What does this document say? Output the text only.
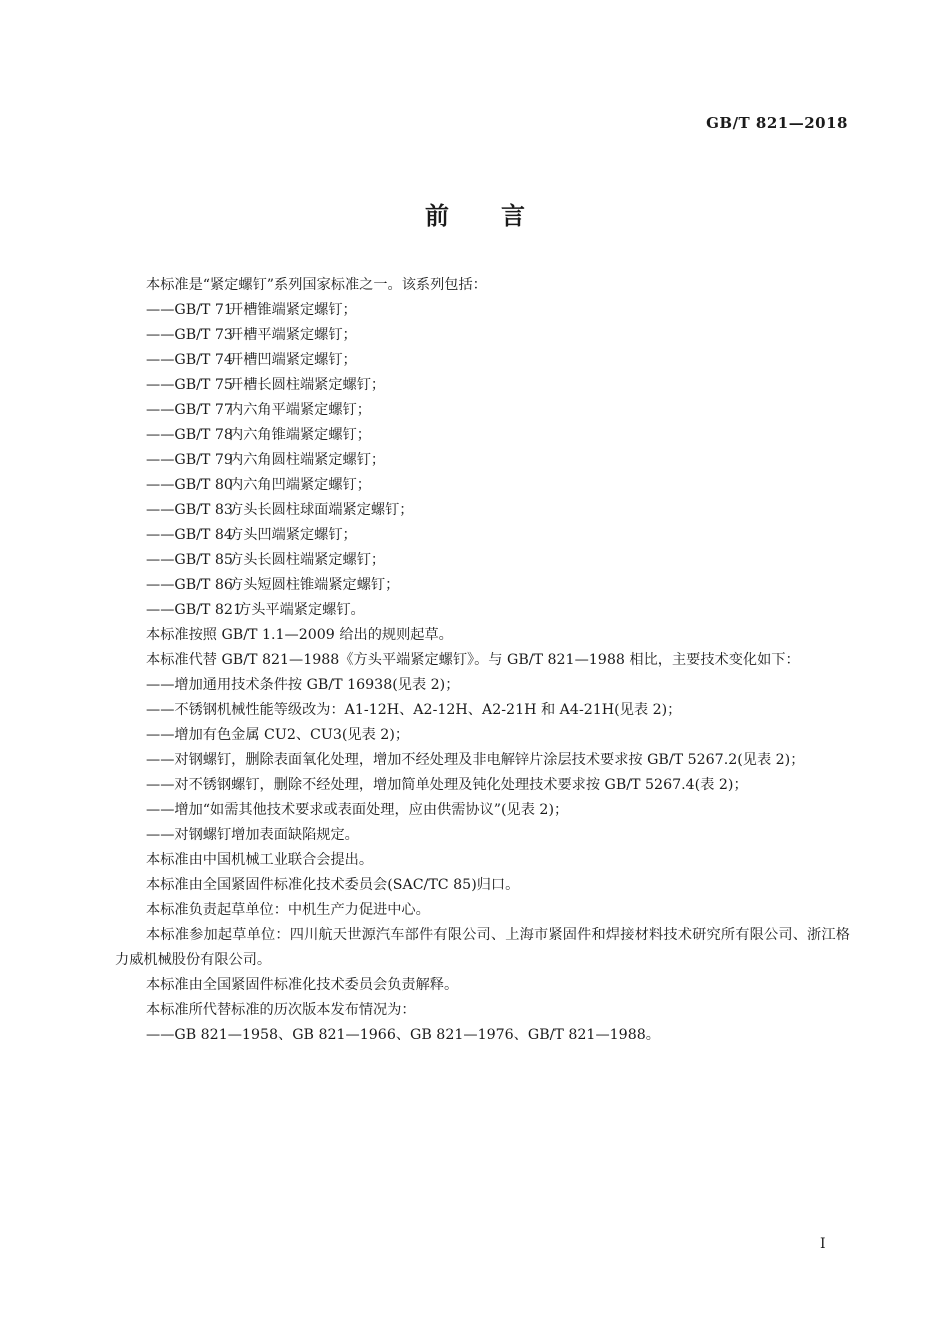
GB/T 821—2018
前言
本标准是“紧定螺钉”系列国家标准之一。该系列包括：
——GB/T 71开槽锥端紧定螺钉；
——GB/T 73开槽平端紧定螺钉；
——GB/T 74开槽凹端紧定螺钉；
——GB/T 75开槽长圆柱端紧定螺钉；
——GB/T 77内六角平端紧定螺钉；
——GB/T 78内六角锥端紧定螺钉；
——GB/T 79内六角圆柱端紧定螺钉；
——GB/T 80内六角凹端紧定螺钉；
——GB/T 83方头长圆柱球面端紧定螺钉；
——GB/T 84方头凹端紧定螺钉；
——GB/T 85方头长圆柱端紧定螺钉；
——GB/T 86方头短圆柱锥端紧定螺钉；
——GB/T 821方头平端紧定螺钉。
本标准按照 GB/T 1.1—2009 给出的规则起草。
本标准代替 GB/T 821—1988《方头平端紧定螺钉》。与 GB/T 821—1988 相比，主要技术变化如下：
——增加通用技术条件按 GB/T 16938(见表 2)；
——不锈钢机械性能等级改为：A1-12H、A2-12H、A2-21H 和 A4-21H(见表 2)；
——增加有色金属 CU2、CU3(见表 2)；
——对钢螺钉，删除表面氧化处理，增加不经处理及非电解锌片涂层技术要求按 GB/T 5267.2(见表 2)；
——对不锈钢螺钉，删除不经处理，增加简单处理及钝化处理技术要求按 GB/T 5267.4(表 2)；
——增加“如需其他技术要求或表面处理，应由供需协议”(见表 2)；
——对钢螺钉增加表面缺陷规定。
本标准由中国机械工业联合会提出。
本标准由全国紧固件标准化技术委员会(SAC/TC 85)归口。
本标准负责起草单位：中机生产力促进中心。
本标准参加起草单位：四川航天世源汽车部件有限公司、上海市紧固件和焊接材料技术研究所有限公司、浙江格力威机械股份有限公司。
本标准由全国紧固件标准化技术委员会负责解释。
本标准所代替标准的历次版本发布情况为：
——GB 821—1958、GB 821—1966、GB 821—1976、GB/T 821—1988。
I
